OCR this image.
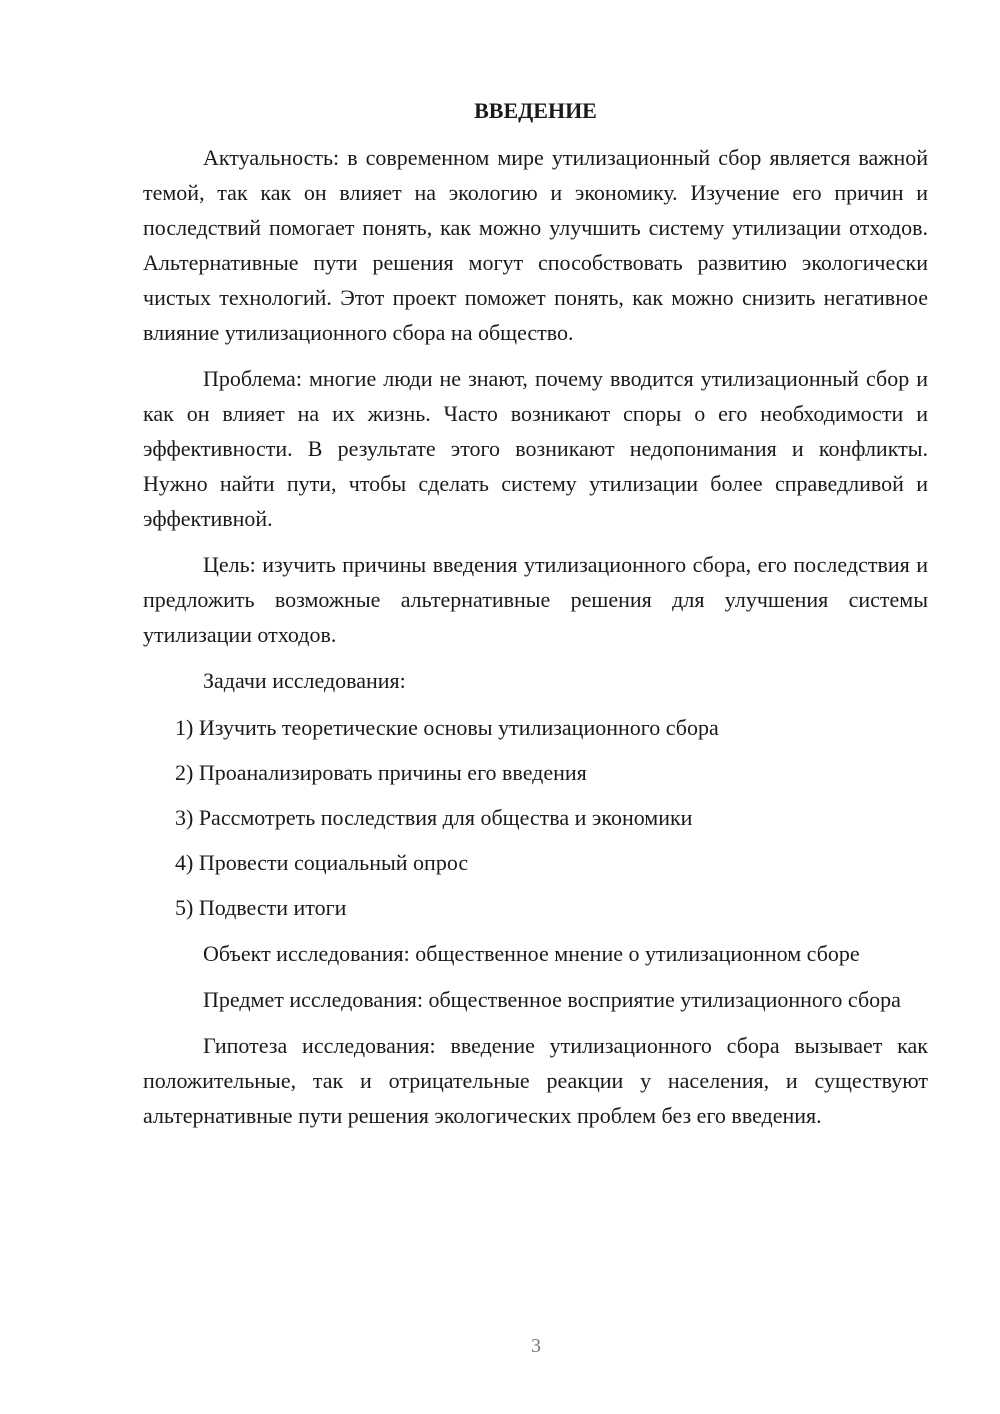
ВВЕДЕНИЕ

Актуальность: в современном мире утилизационный сбор является важной темой, так как он влияет на экологию и экономику. Изучение его причин и последствий помогает понять, как можно улучшить систему утилизации отходов. Альтернативные пути решения могут способствовать развитию экологически чистых технологий. Этот проект поможет понять, как можно снизить негативное влияние утилизационного сбора на общество.

Проблема: многие люди не знают, почему вводится утилизационный сбор и как он влияет на их жизнь. Часто возникают споры о его необходимости и эффективности. В результате этого возникают недопонимания и конфликты. Нужно найти пути, чтобы сделать систему утилизации более справедливой и эффективной.

Цель: изучить причины введения утилизационного сбора, его последствия и предложить возможные альтернативные решения для улучшения системы утилизации отходов.

Задачи исследования:

1) Изучить теоретические основы утилизационного сбора

2) Проанализировать причины его введения

3) Рассмотреть последствия для общества и экономики

4) Провести социальный опрос

5) Подвести итоги

Объект исследования: общественное мнение о утилизационном сборе

Предмет исследования: общественное восприятие утилизационного сбора

Гипотеза исследования: введение утилизационного сбора вызывает как положительные, так и отрицательные реакции у населения, и существуют альтернативные пути решения экологических проблем без его введения.

3
